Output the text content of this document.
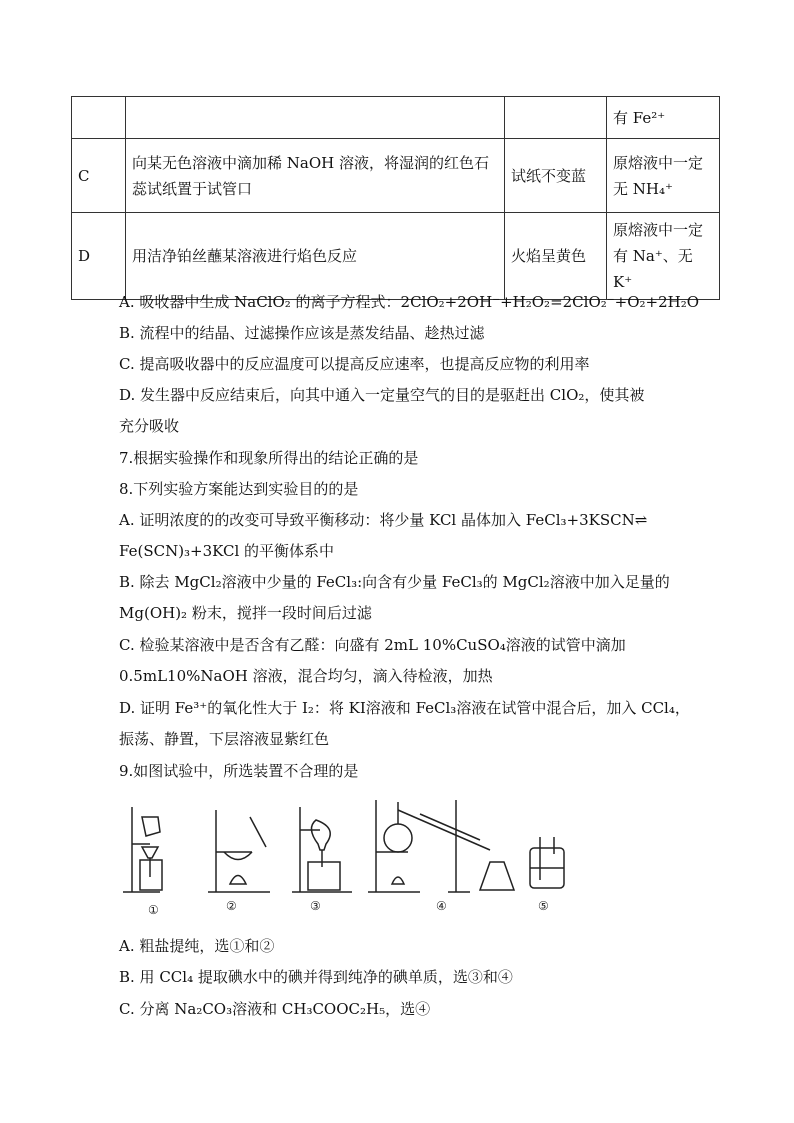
			有 Fe²⁺
C	向某无色溶液中滴加稀 NaOH 溶液，将湿润的红色石蕊试纸置于试管口	试纸不变蓝	原熔液中一定
无 NH₄⁺

D	用洁净铂丝蘸某溶液进行焰色反应	火焰呈黄色	原熔液中一定
有 Na⁺、无 K⁺
A. 吸收器中生成 NaClO₂ 的离子方程式：2ClO₂+2OH⁻+H₂O₂=2ClO₂⁻+O₂+2H₂O
B. 流程中的结晶、过滤操作应该是蒸发结晶、趁热过滤
C. 提高吸收器中的反应温度可以提高反应速率，也提高反应物的利用率
D. 发生器中反应结束后，向其中通入一定量空气的目的是驱赶出 ClO₂，使其被
充分吸收
7.根据实验操作和现象所得出的结论正确的是
8.下列实验方案能达到实验目的的是
A. 证明浓度的的改变可导致平衡移动：将少量 KCl 晶体加入 FeCl₃+3KSCN⇌
Fe(SCN)₃+3KCl 的平衡体系中
B. 除去 MgCl₂溶液中少量的 FeCl₃:向含有少量 FeCl₃的 MgCl₂溶液中加入足量的
Mg(OH)₂ 粉末，搅拌一段时间后过滤
C. 检验某溶液中是否含有乙醛：向盛有 2mL 10%CuSO₄溶液的试管中滴加
0.5mL10%NaOH 溶液，混合均匀，滴入待检液，加热
D. 证明 Fe³⁺的氧化性大于 I₂：将 KI溶液和 FeCl₃溶液在试管中混合后，加入 CCl₄，
振荡、静置，下层溶液显紫红色
9.如图试验中，所选装置不合理的是
①	②	③	④	⑤
A. 粗盐提纯，选①和②
B. 用 CCl₄ 提取碘水中的碘并得到纯净的碘单质，选③和④
C. 分离 Na₂CO₃溶液和 CH₃COOC₂H₅，选④
